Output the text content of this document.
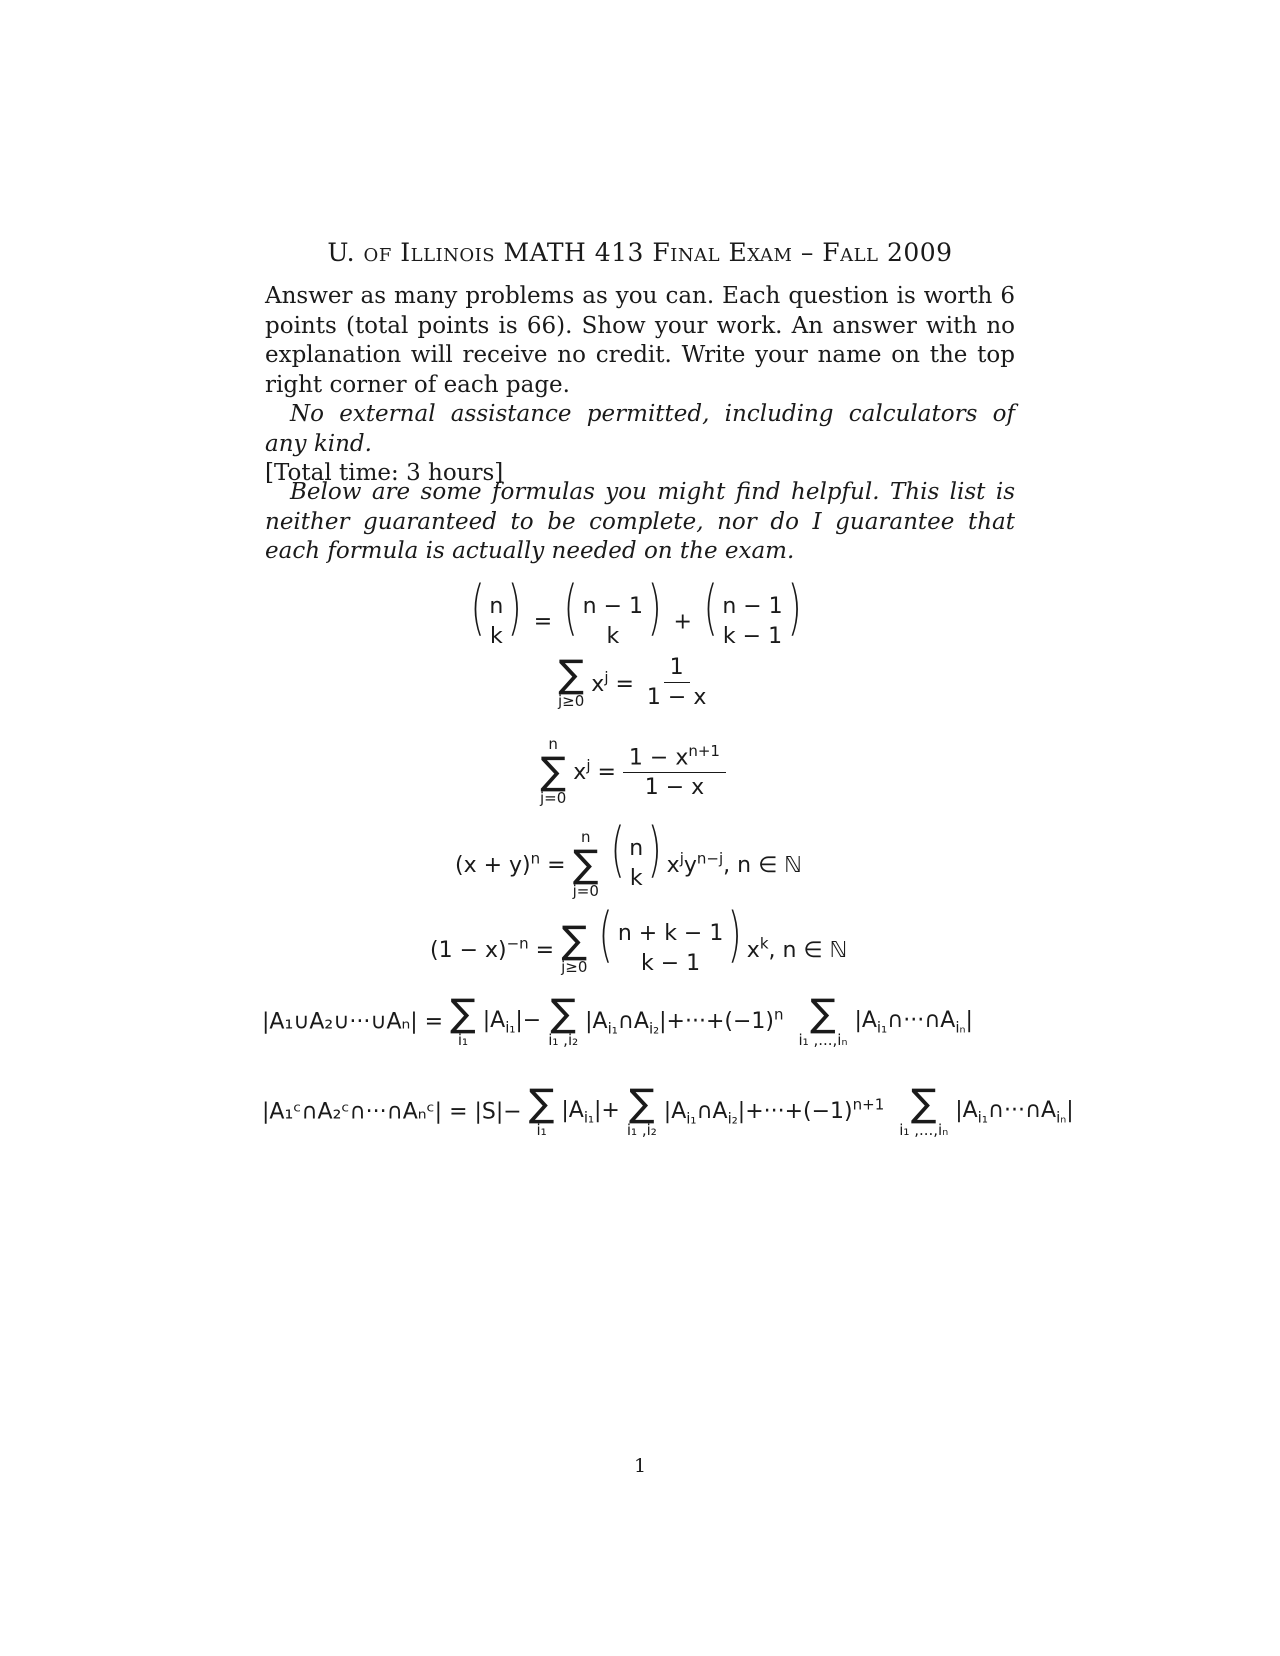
U. of Illinois MATH 413 Final Exam – Fall 2009

Answer as many problems as you can. Each question is worth 6 points (total points is 66). Show your work. An answer with no explanation will receive no credit. Write your name on the top right corner of each page.

No external assistance permitted, including calculators of any kind.

[Total time: 3 hours]

Below are some formulas you might find helpful. This list is neither guaranteed to be complete, nor do I guarantee that each formula is actually needed on the exam.

( n
k ) = ( n − 1
k ) + ( n − 1
k − 1 )
∑
j≥0
$x^j = \frac{1}{1 - x}$
n
∑
j=0
$x^j = \frac{1 - x^{n+1}}{1 - x}$
$(x + y)^n$ =
n
∑
j=0
( n
k ) $x^jy^{n-j}$, n ∈ ℕ
$(1 - x)^{-n}$ = ∑
j≥0 ( n + k − 1
k − 1 ) $x^k$, n ∈ ℕ
|A₁∪A₂∪···∪Aₙ| = ∑
i₁
$|A_{i_1}|-$ ∑
i₁ ,i₂
$|A_{i_1}\cap A_{i_2}|+\cdot\cdot\cdot+(-1)^n$ ∑
i₁ ,...,iₙ
$|A_{i_1}\cap\cdot\cdot\cdot\cap A_{i_n}|$
|A₁ᶜ∩A₂ᶜ∩···∩Aₙᶜ| = |S|− ∑
i₁
$|A_{i_1}|+$ ∑
i₁ ,i₂
$|A_{i_1}\cap A_{i_2}|+\cdot\cdot\cdot+(-1)^{n+1}$ ∑
i₁ ,...,iₙ
$|A_{i_1}\cap\cdot\cdot\cdot\cap A_{i_n}|$
1
